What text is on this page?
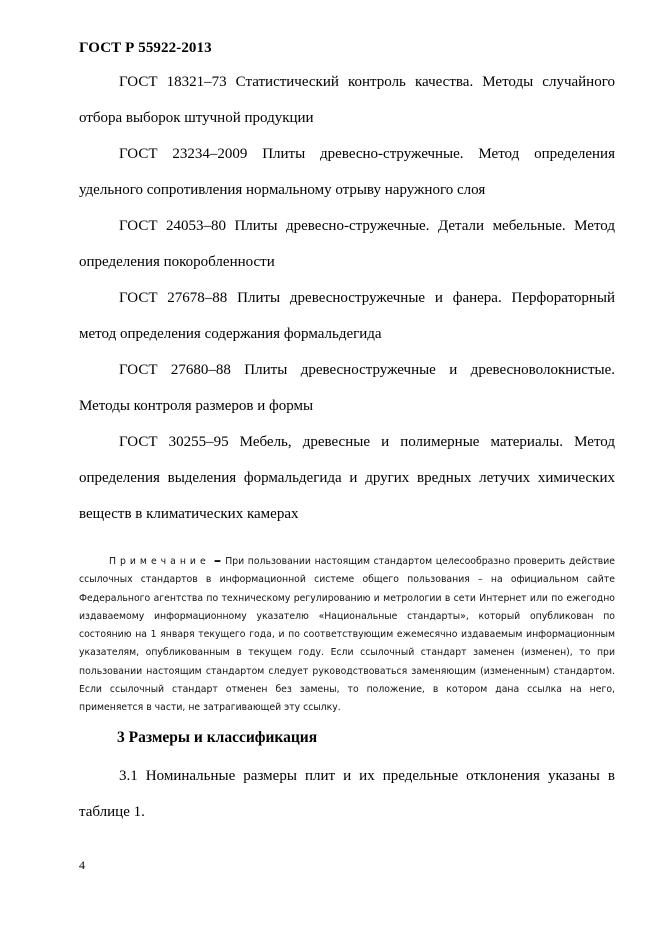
ГОСТ Р 55922-2013

ГОСТ 18321–73 Статистический контроль качества. Методы случайного отбора выборок штучной продукции

ГОСТ 23234–2009 Плиты древесно-стружечные. Метод определения удельного сопротивления нормальному отрыву наружного слоя

ГОСТ 24053–80 Плиты древесно-стружечные. Детали мебельные. Метод определения покоробленности

ГОСТ 27678–88 Плиты древесностружечные и фанера. Перфораторный метод определения содержания формальдегида

ГОСТ 27680–88 Плиты древесностружечные и древесноволокнистые. Методы контроля размеров и формы

ГОСТ 30255–95 Мебель, древесные и полимерные материалы. Метод определения выделения формальдегида и других вредных летучих химических веществ в климатических камерах

Примечание – При пользовании настоящим стандартом целесообразно проверить действие ссылочных стандартов в информационной системе общего пользования – на официальном сайте Федерального агентства по техническому регулированию и метрологии в сети Интернет или по ежегодно издаваемому информационному указателю «Национальные стандарты», который опубликован по состоянию на 1 января текущего года, и по соответствующим ежемесячно издаваемым информационным указателям, опубликованным в текущем году. Если ссылочный стандарт заменен (изменен), то при пользовании настоящим стандартом следует руководствоваться заменяющим (измененным) стандартом. Если ссылочный стандарт отменен без замены, то положение, в котором дана ссылка на него, применяется в части, не затрагивающей эту ссылку.

3 Размеры и классификация

3.1 Номинальные размеры плит и их предельные отклонения указаны в таблице 1.

4
